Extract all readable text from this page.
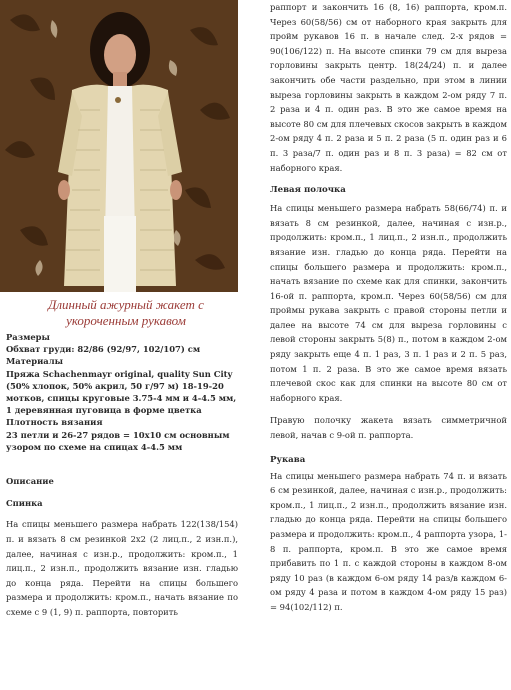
Длинный ажурный жакет с укороченным рукавом
Размеры
Обхват груди: 82/86 (92/97, 102/107) см
Материалы
Пряжа Schachenmayr original, quality Sun City (50% хлопок, 50% акрил, 50 г/97 м) 18-19-20 мотков, спицы круговые 3.75-4 мм и 4-4.5 мм, 1 деревянная пуговица в форме цветка
Плотность вязания
23 петли и 26-27 рядов = 10x10 см основным узором по схеме на спицах 4-4.5 мм
Описание
Спинка

На спицы меньшего размера набрать 122(138/154) п. и вязать 8 см резинкой 2x2 (2 лиц.п., 2 изн.п.), далее, начиная с изн.р., продолжить: кром.п., 1 лиц.п., 2 изн.п., продолжить вязание изн. гладью до конца ряда. Перейти на спицы большего размера и продолжить: кром.п., начать вязание по схеме с 9 (1, 9) п. раппорта, повторить

раппорт и закончить 16 (8, 16) раппорта, кром.п. Через 60(58/56) см от наборного края закрыть для пройм рукавов 16 п. в начале след. 2-х рядов = 90(106/122) п. На высоте спинки 79 см для выреза горловины закрыть центр. 18(24/24) п. и далее закончить обе части раздельно, при этом в линии выреза горловины закрыть в каждом 2-ом ряду 7 п. 2 раза и 4 п. один раз. В это же самое время на высоте 80 см для плечевых скосов закрыть в каждом 2-ом ряду 4 п. 2 раза и 5 п. 2 раза (5 п. один раз и 6 п. 3 раза/7 п. один раз и 8 п. 3 раза) = 82 см от наборного края.

Левая полочка

На спицы меньшего размера набрать 58(66/74) п. и вязать 8 см резинкой, далее, начиная с изн.р., продолжить: кром.п., 1 лиц.п., 2 изн.п., продолжить вязание изн. гладью до конца ряда. Перейти на спицы большего размера и продолжить: кром.п., начать вязание по схеме как для спинки, закончить 16-ой п. раппорта, кром.п. Через 60(58/56) см для проймы рукава закрыть с правой стороны петли и далее на высоте 74 см для выреза горловины с левой стороны закрыть 5(8) п., потом в каждом 2-ом ряду закрыть еще 4 п. 1 раз, 3 п. 1 раз и 2 п. 5 раз, потом 1 п. 2 раза. В это же самое время вязать плечевой скос как для спинки на высоте 80 см от наборного края.

Правую полочку жакета вязать симметричной левой, начав с 9-ой п. раппорта.

Рукава

На спицы меньшего размера набрать 74 п. и вязать 6 см резинкой, далее, начиная с изн.р., продолжить: кром.п., 1 лиц.п., 2 изн.п., продолжить вязание изн. гладью до конца ряда. Перейти на спицы большего размера и продолжить: кром.п., 4 раппорта узора, 1-8 п. раппорта, кром.п. В это же самое время прибавить по 1 п. с каждой стороны в каждом 8-ом ряду 10 раз (в каждом 6-ом ряду 14 раз/в каждом 6-ом ряду 4 раза и потом в каждом 4-ом ряду 15 раз) = 94(102/112) п.
